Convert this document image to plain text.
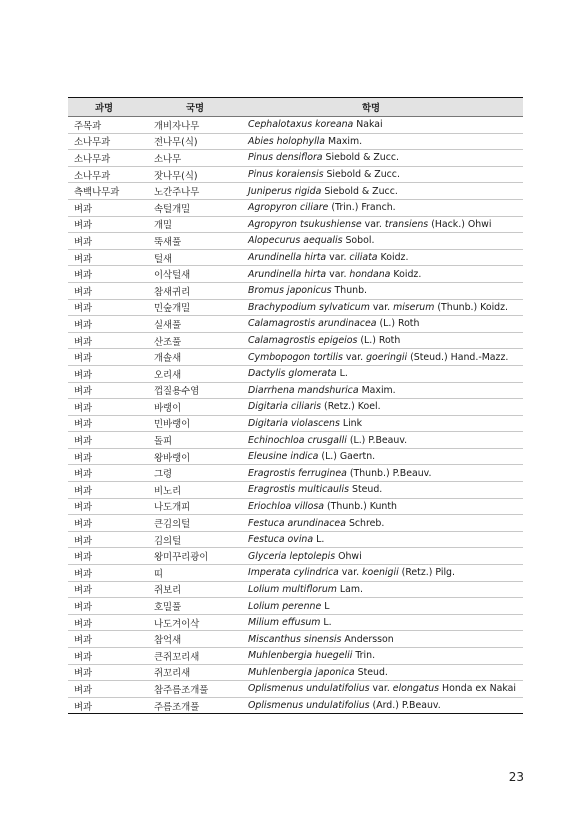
과명	국명	학명
주목과	개비자나무	Cephalotaxus koreana Nakai
소나무과	전나무(식)	Abies holophylla Maxim.
소나무과	소나무	Pinus densiflora Siebold & Zucc.
소나무과	잣나무(식)	Pinus koraiensis Siebold & Zucc.
측백나무과	노간주나무	Juniperus rigida Siebold & Zucc.
벼과	속털개밀	Agropyron ciliare (Trin.) Franch.
벼과	개밀	Agropyron tsukushiense var. transiens (Hack.) Ohwi
벼과	뚝새풀	Alopecurus aequalis Sobol.
벼과	털새	Arundinella hirta var. ciliata Koidz.
벼과	이삭털새	Arundinella hirta var. hondana Koidz.
벼과	참새귀리	Bromus japonicus Thunb.
벼과	민숲개밀	Brachypodium sylvaticum var. miserum (Thunb.) Koidz.
벼과	실새풀	Calamagrostis arundinacea (L.) Roth
벼과	산조풀	Calamagrostis epigeios (L.) Roth
벼과	개솔새	Cymbopogon tortilis var. goeringii (Steud.) Hand.-Mazz.
벼과	오리새	Dactylis glomerata L.
벼과	껍질용수염	Diarrhena mandshurica Maxim.
벼과	바랭이	Digitaria ciliaris (Retz.) Koel.
벼과	민바랭이	Digitaria violascens Link
벼과	돌피	Echinochloa crusgalli (L.) P.Beauv.
벼과	왕바랭이	Eleusine indica (L.) Gaertn.
벼과	그령	Eragrostis ferruginea (Thunb.) P.Beauv.
벼과	비노리	Eragrostis multicaulis Steud.
벼과	나도개피	Eriochloa villosa (Thunb.) Kunth
벼과	큰김의털	Festuca arundinacea Schreb.
벼과	김의털	Festuca ovina L.
벼과	왕미꾸리광이	Glyceria leptolepis Ohwi
벼과	띠	Imperata cylindrica var. koenigii (Retz.) Pilg.
벼과	쥐보리	Lolium multiflorum Lam.
벼과	호밀풀	Lolium perenne L
벼과	나도겨이삭	Milium effusum L.
벼과	참억새	Miscanthus sinensis Andersson
벼과	큰쥐꼬리새	Muhlenbergia huegelii Trin.
벼과	쥐꼬리새	Muhlenbergia japonica Steud.
벼과	참주름조개풀	Oplismenus undulatifolius var. elongatus Honda ex Nakai
벼과	주름조개풀	Oplismenus undulatifolius (Ard.) P.Beauv.
23
